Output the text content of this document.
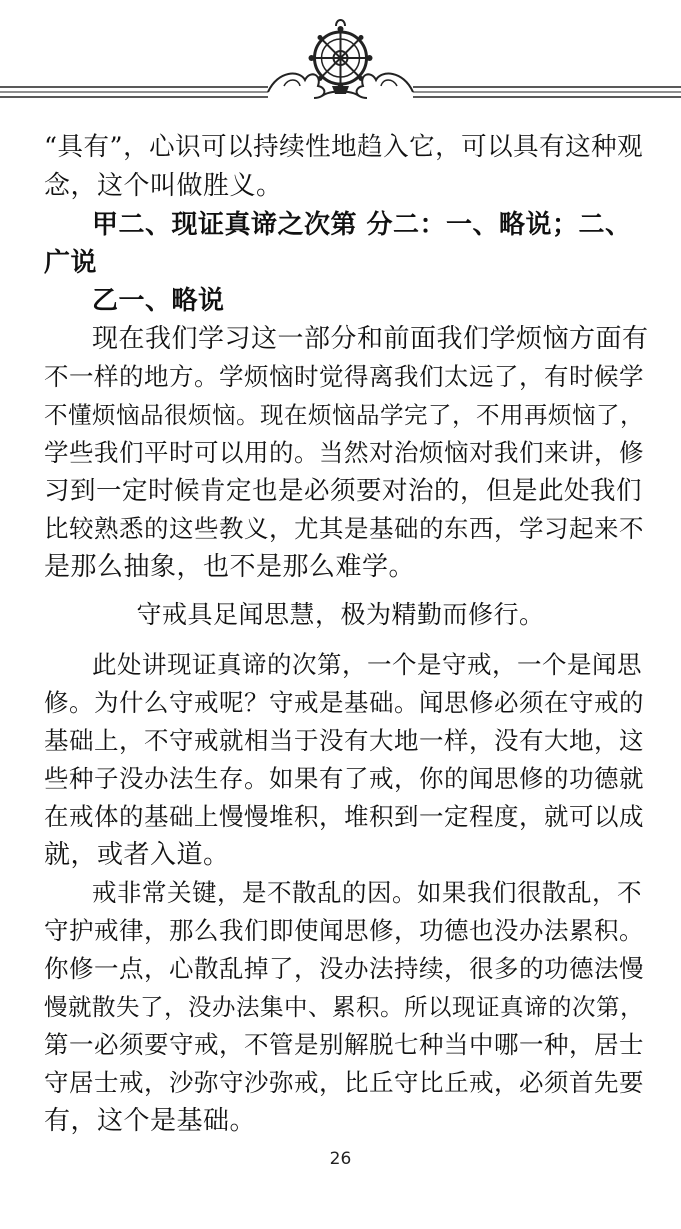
“具有”，心识可以持续性地趋入它，可以具有这种观
念，这个叫做胜义。
甲二、现证真谛之次第 分二：一、略说；二、
广说
乙一、略说
现在我们学习这一部分和前面我们学烦恼方面有
不一样的地方。学烦恼时觉得离我们太远了，有时候学
不懂烦恼品很烦恼。现在烦恼品学完了，不用再烦恼了，
学些我们平时可以用的。当然对治烦恼对我们来讲，修
习到一定时候肯定也是必须要对治的，但是此处我们
比较熟悉的这些教义，尤其是基础的东西，学习起来不
是那么抽象，也不是那么难学。
守戒具足闻思慧，极为精勤而修行。
此处讲现证真谛的次第，一个是守戒，一个是闻思
修。为什么守戒呢？守戒是基础。闻思修必须在守戒的
基础上，不守戒就相当于没有大地一样，没有大地，这
些种子没办法生存。如果有了戒，你的闻思修的功德就
在戒体的基础上慢慢堆积，堆积到一定程度，就可以成
就，或者入道。
戒非常关键，是不散乱的因。如果我们很散乱，不
守护戒律，那么我们即使闻思修，功德也没办法累积。
你修一点，心散乱掉了，没办法持续，很多的功德法慢
慢就散失了，没办法集中、累积。所以现证真谛的次第，
第一必须要守戒，不管是别解脱七种当中哪一种，居士
守居士戒，沙弥守沙弥戒，比丘守比丘戒，必须首先要
有，这个是基础。
26
